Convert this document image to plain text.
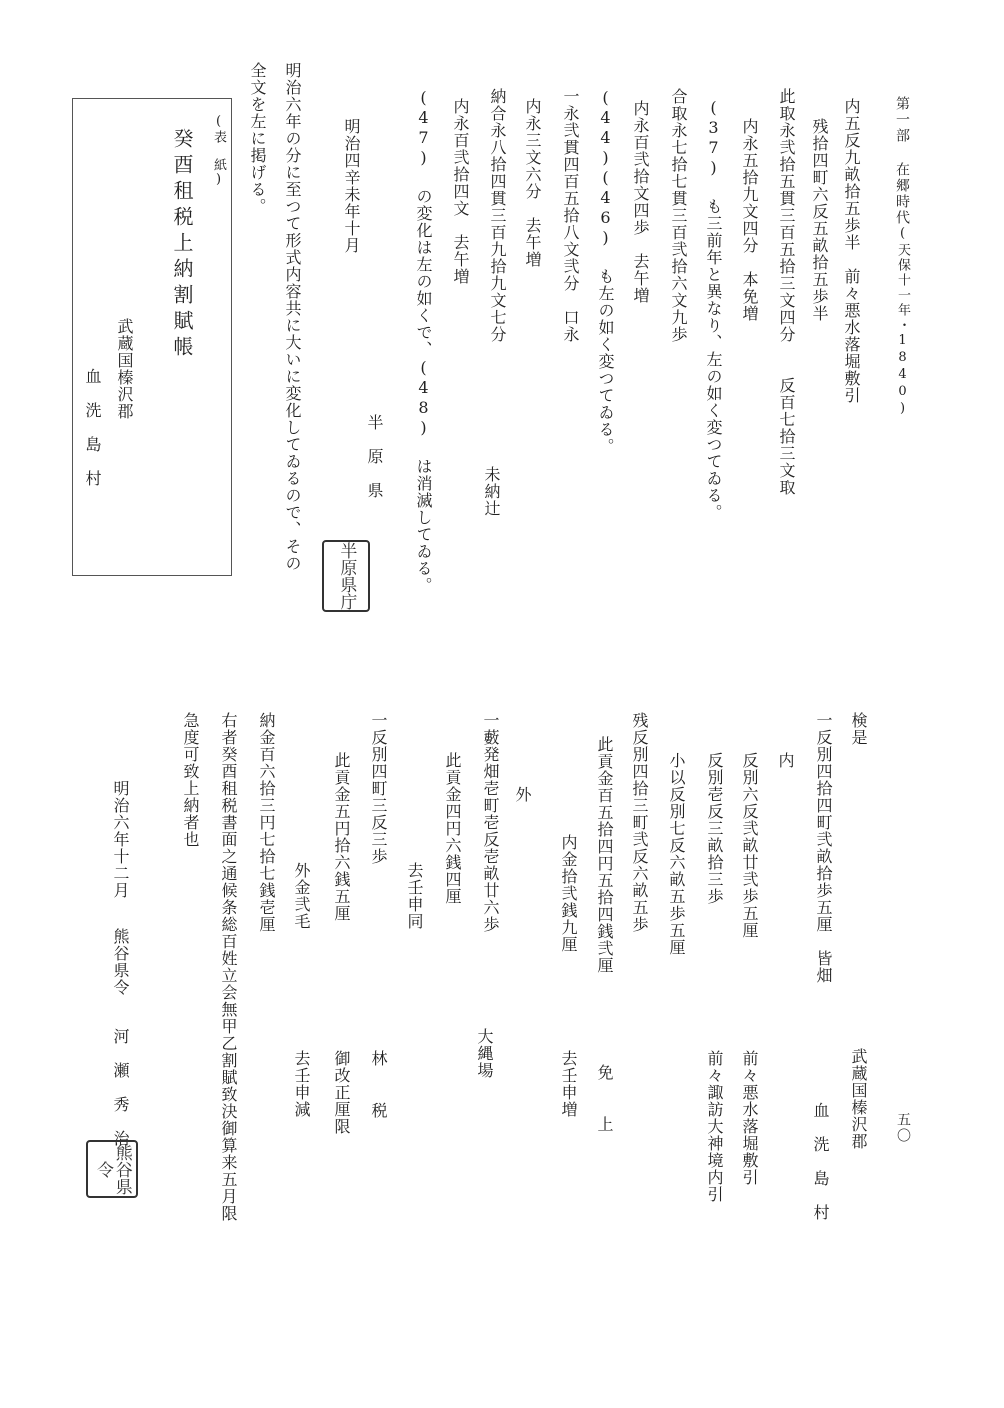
第一部 在郷時代(天保十一年・1840)
内五反九畝拾五歩半　前々悪水落堀敷引
残拾四町六反五畝拾五歩半
此取永弐拾五貫三百五拾三文四分　　反百七拾三文取
内永五拾九文四分　本免増
(37) も三前年と異なり、左の如く変つてゐる。
合取永七拾七貫三百弐拾六文九歩
内永百弐拾文四歩　去午増
(44)(46) も左の如く変つてゐる。
一永弐貫四百五拾八文弐分　口永
内永三文六分　去午増
納合永八拾四貫三百九拾九文七分
内永百弐拾四文　去午増
未納辻
(47) の変化は左の如くで、(48) は消滅してゐる。
半　原　県
明治四辛未年十月
半原県庁
明治六年の分に至つて形式内容共に大いに変化してゐるので、その
全文を左に掲げる。
(表　紙)
癸酉租税上納割賦帳
武蔵国榛沢郡
血　洗　島　村
五〇
武蔵国榛沢郡
血　洗　島　村
検是
一反別四拾四町弐畝拾歩五厘　皆畑
内
反別六反弐畝廿弐歩五厘
前々悪水落堀敷引
反別壱反三畝拾三歩
前々諏訪大神境内引
小以反別七反六畝五歩五厘
残反別四拾三町弐反六畝五歩
此貢金百五拾四円五拾四銭弐厘
免　上
内金拾弐銭九厘
去壬申増
外
一藪発畑壱町壱反壱畝廿六歩
大縄場
此貢金四円六銭四厘
去壬申同
一反別四町三反三歩
林　税
此貢金五円拾六銭五厘
御改正厘限
外金弐毛
去壬申減
納金百六拾三円七拾七銭壱厘
右者癸酉租税書面之通候条総百姓立会無甲乙割賦致決御算来五月限
急度可致上納者也
明治六年十二月
熊谷県令
河　瀬　秀　治
熊谷県令
